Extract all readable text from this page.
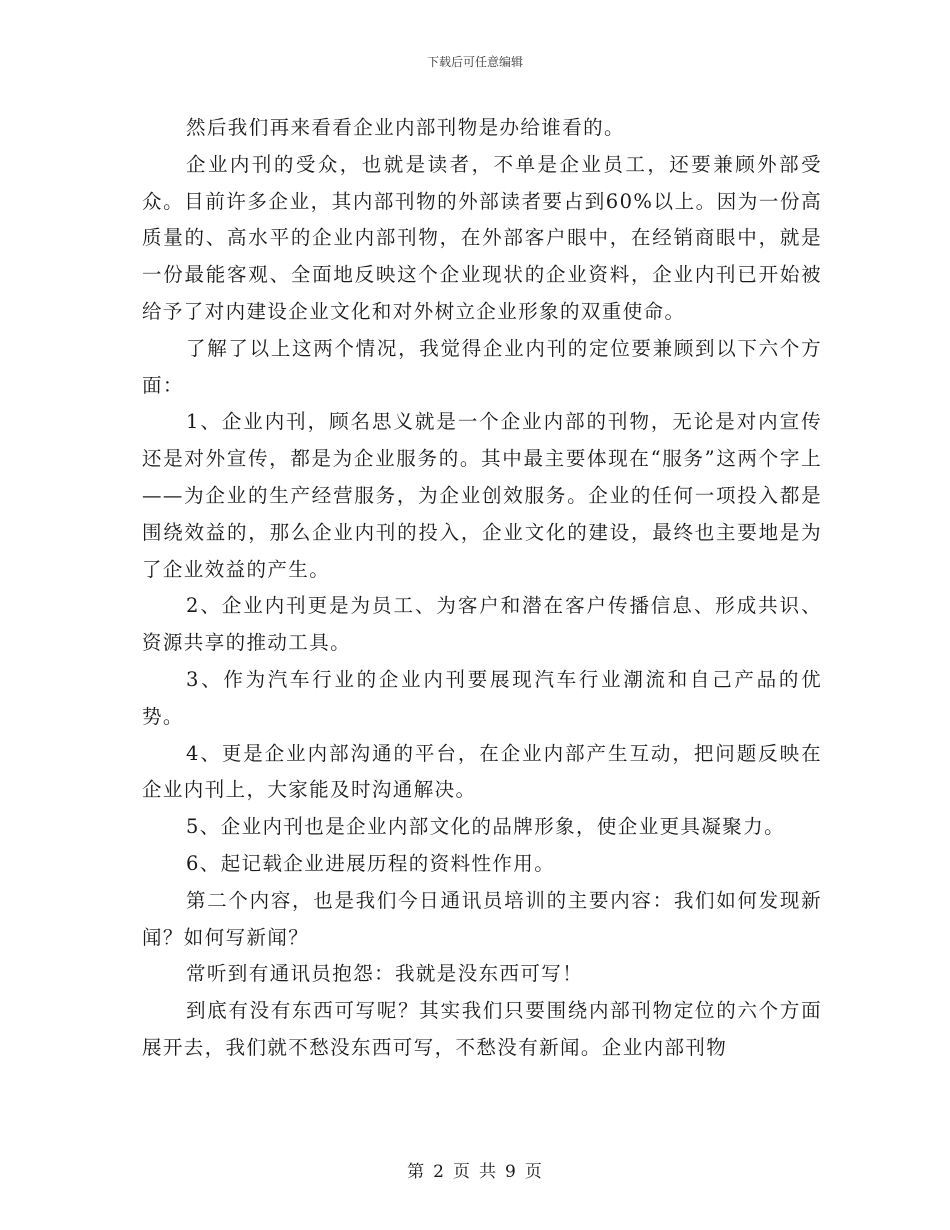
下载后可任意编辑

然后我们再来看看企业内部刊物是办给谁看的。

企业内刊的受众，也就是读者，不单是企业员工，还要兼顾外部受众。目前许多企业，其内部刊物的外部读者要占到60%以上。因为一份高质量的、高水平的企业内部刊物，在外部客户眼中，在经销商眼中，就是一份最能客观、全面地反映这个企业现状的企业资料，企业内刊已开始被给予了对内建设企业文化和对外树立企业形象的双重使命。

了解了以上这两个情况，我觉得企业内刊的定位要兼顾到以下六个方面：

1、企业内刊，顾名思义就是一个企业内部的刊物，无论是对内宣传还是对外宣传，都是为企业服务的。其中最主要体现在“服务”这两个字上——为企业的生产经营服务，为企业创效服务。企业的任何一项投入都是围绕效益的，那么企业内刊的投入，企业文化的建设，最终也主要地是为了企业效益的产生。

2、企业内刊更是为员工、为客户和潜在客户传播信息、形成共识、资源共享的推动工具。

3、作为汽车行业的企业内刊要展现汽车行业潮流和自己产品的优势。

4、更是企业内部沟通的平台，在企业内部产生互动，把问题反映在企业内刊上，大家能及时沟通解决。

5、企业内刊也是企业内部文化的品牌形象，使企业更具凝聚力。

6、起记载企业进展历程的资料性作用。

第二个内容，也是我们今日通讯员培训的主要内容：我们如何发现新闻？如何写新闻？

常听到有通讯员抱怨：我就是没东西可写！

到底有没有东西可写呢？其实我们只要围绕内部刊物定位的六个方面展开去，我们就不愁没东西可写，不愁没有新闻。企业内部刊物

第 2 页 共 9 页
